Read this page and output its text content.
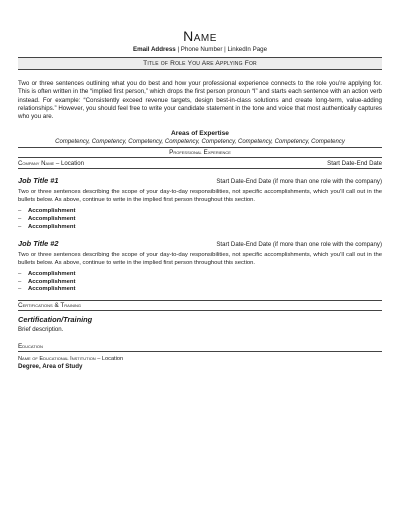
Name
Email Address | Phone Number | LinkedIn Page
Title of Role You Are Applying For
Two or three sentences outlining what you do best and how your professional experience connects to the role you’re applying for. This is often written in the “implied first person,” which drops the first person pronoun “I” and starts each sentence with an action verb instead. For example: “Consistently exceed revenue targets, design best-in-class solutions and create long-term, value-adding relationships.” However, you should feel free to write your candidate statement in the tone and voice that most authentically captures who you are.
Areas of Expertise
Competency, Competency, Competency, Competency, Competency, Competency, Competency, Competency
Professional Experience
Company Name – Location	Start Date-End Date
Job Title #1	Start Date-End Date (if more than one role with the company)
Two or three sentences describing the scope of your day-to-day responsibilities, not specific accomplishments, which you’ll call out in the bullets below. As above, continue to write in the implied first person throughout this section.
–	Accomplishment
–	Accomplishment
–	Accomplishment
Job Title #2	Start Date-End Date (if more than one role with the company)
Two or three sentences describing the scope of your day-to-day responsibilities, not specific accomplishments, which you’ll call out in the bullets below. As above, continue to write in the implied first person throughout this section.
–	Accomplishment
–	Accomplishment
–	Accomplishment
Certifications & Training
Certification/Training
Brief description.
Education
Name of Educational Institution – Location
Degree, Area of Study
